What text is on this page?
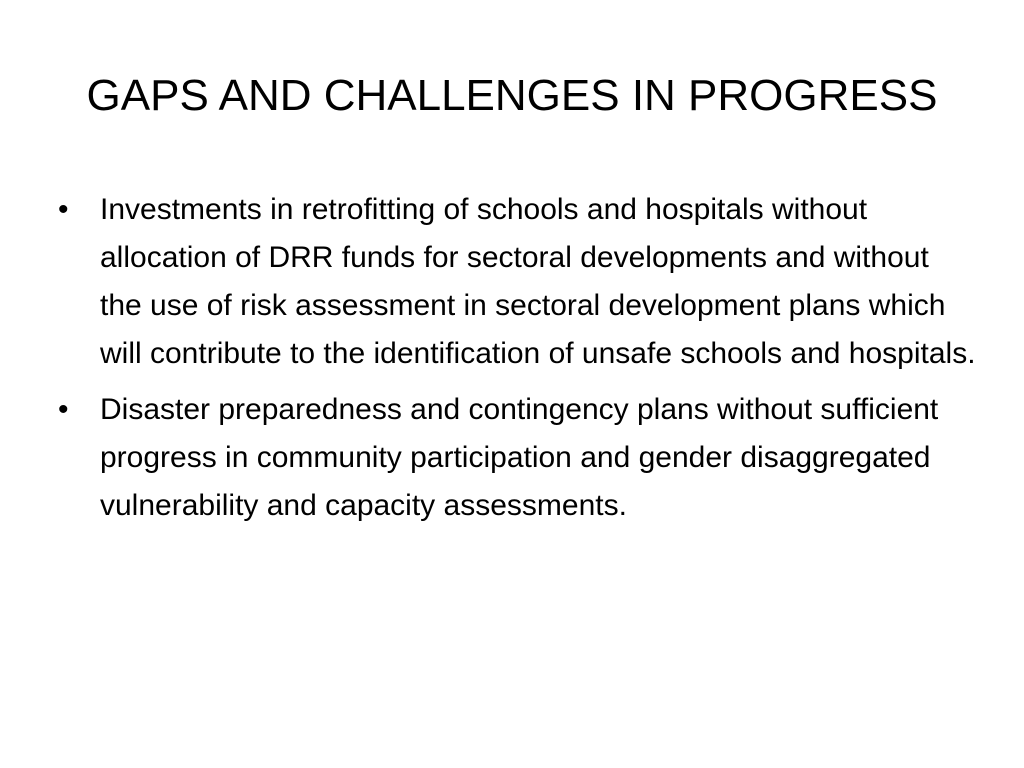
GAPS AND CHALLENGES IN PROGRESS
• Investments in retrofitting of schools and hospitals without allocation of DRR funds for sectoral developments and without the use of risk assessment in sectoral development plans which will contribute to the identification of unsafe schools and hospitals.
• Disaster preparedness and contingency plans without sufficient progress in community participation and gender disaggregated vulnerability and capacity assessments.
